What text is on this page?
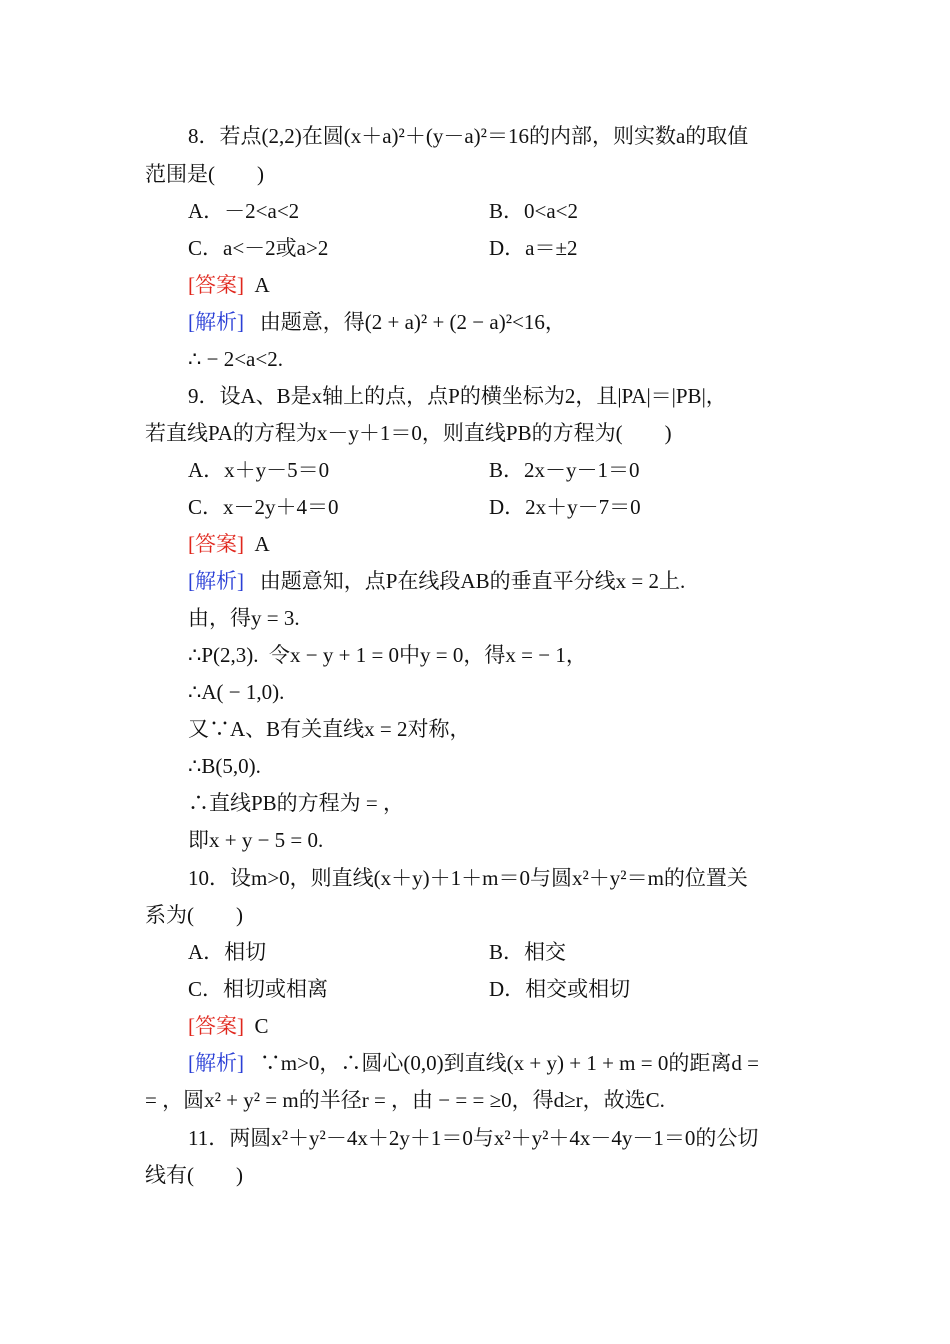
8．若点(2,2)在圆(x＋a)²＋(y－a)²＝16的内部，则实数a的取值
范围是(　　)
A．－2<a<2	B．0<a<2
C．a<－2或a>2	D．a＝±2
[答案] A
[解析] 由题意，得(2 + a)² + (2 − a)²<16，
∴ − 2<a<2.
9．设A、B是x轴上的点，点P的横坐标为2，且|PA|＝|PB|，
若直线PA的方程为x－y＋1＝0，则直线PB的方程为(　　)
A．x＋y－5＝0	B．2x－y－1＝0
C．x－2y＋4＝0	D．2x＋y－7＝0
[答案] A
[解析] 由题意知，点P在线段AB的垂直平分线x = 2上.
由，得y = 3.
∴P(2,3).  令x − y + 1 = 0中y = 0，得x = − 1，
∴A( − 1,0).
又∵A、B有关直线x = 2对称，
∴B(5,0).
∴直线PB的方程为 = ，
即x + y − 5 = 0.
10．设m>0，则直线(x＋y)＋1＋m＝0与圆x²＋y²＝m的位置关
系为(　　)
A．相切	B．相交
C．相切或相离	D．相交或相切
[答案] C
[解析] ∵m>0，∴圆心(0,0)到直线(x + y) + 1 + m = 0的距离d =
= ，圆x² + y² = m的半径r = ，由 − = = ≥0，得d≥r，故选C.
11．两圆x²＋y²－4x＋2y＋1＝0与x²＋y²＋4x－4y－1＝0的公切
线有(　　)
